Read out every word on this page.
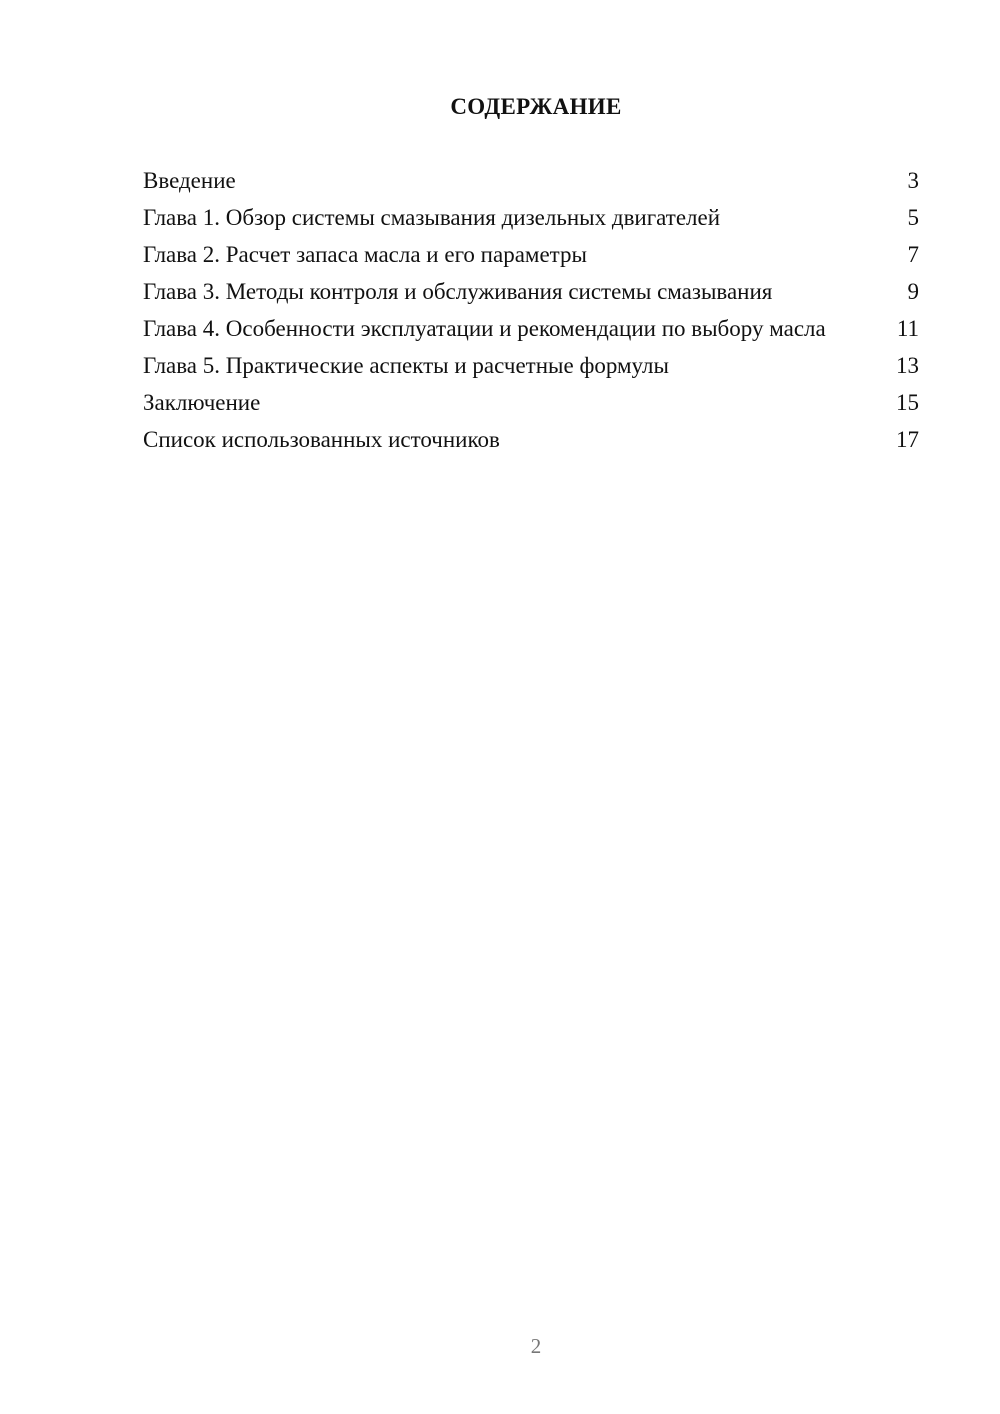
СОДЕРЖАНИЕ
Введение	3
Глава 1. Обзор системы смазывания дизельных двигателей	5
Глава 2. Расчет запаса масла и его параметры	7
Глава 3. Методы контроля и обслуживания системы смазывания	9
Глава 4. Особенности эксплуатации и рекомендации по выбору масла	11
Глава 5. Практические аспекты и расчетные формулы	13
Заключение	15
Список использованных источников	17
2
